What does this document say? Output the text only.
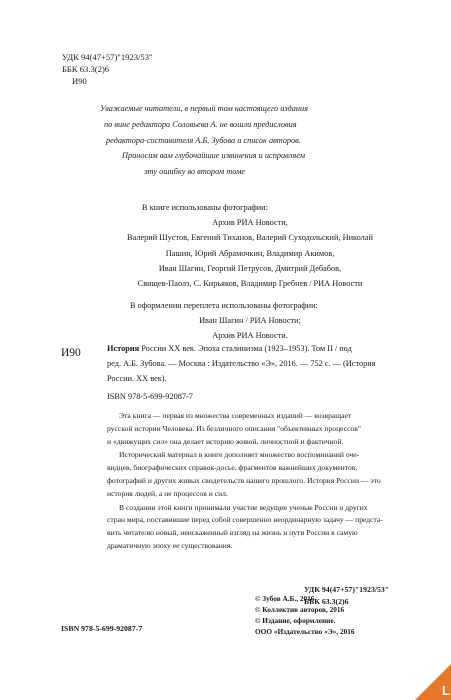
УДК 94(47+57)"1923/53"
ББК 63.3(2)6
И90
Уважаемые читатели, в первый том настоящего издания
по вине редактора Соловьева А. не вошли предисловия
редактора-составителя А.Б. Зубова и список авторов.
Приносим вам глубочайшие извинения и исправляем
эту ошибку во втором томе
В книге использованы фотографии:
Архив РИА Новости,
Валерий Шустов, Евгений Тиханов, Валерий Суходольский, Николай
Пашин, Юрий Абрамочкин, Владимир Акимов,
Иван Шагин, Георгий Петрусов, Дмитрий Дебабов,
Свищев-Паолз, С. Кирьяков, Владимир Гребнев / РИА Новости
В оформлении переплета использованы фотографии:
Иван Шагин / РИА Новости;
Архив РИА Новости.
И90	История России XX век. Эпоха сталинизма (1923–1953). Том II / под
ред. А.Б. Зубова. — Москва : Издательство «Э», 2016. — 752 с. — (История
России. XX век).
ISBN 978-5-699-92087-7

Эта книга — первая из множества современных изданий — возвращает
русской истории Человека. Из безличного описания "объективных процессов"
и «движущих сил» она делает историю живой, личностной и фактичной.

Исторический материал в книге дополняет множество воспоминаний оче-
видцев, биографических справок-досье, фрагментов важнейших документов,
фотографий и других живых свидетельств нашего прошлого. История России — это
история людей, а не процессов и сил.

В создании этой книги принимали участие ведущие ученые России и других
стран мира, поставившие перед собой совершенно неординарную задачу — предста-
вить читателю новый, неискаженный взгляд на жизнь и пути России в самую
драматичную эпоху ее существования.

УДК 94(47+57)"1923/53"
ББК 63.3(2)6
ISBN 978-5-699-92087-7
© Зубов А.Б., 2016
© Коллектив авторов, 2016
© Издание, оформление.
ООО «Издательство «Э», 2016
L
